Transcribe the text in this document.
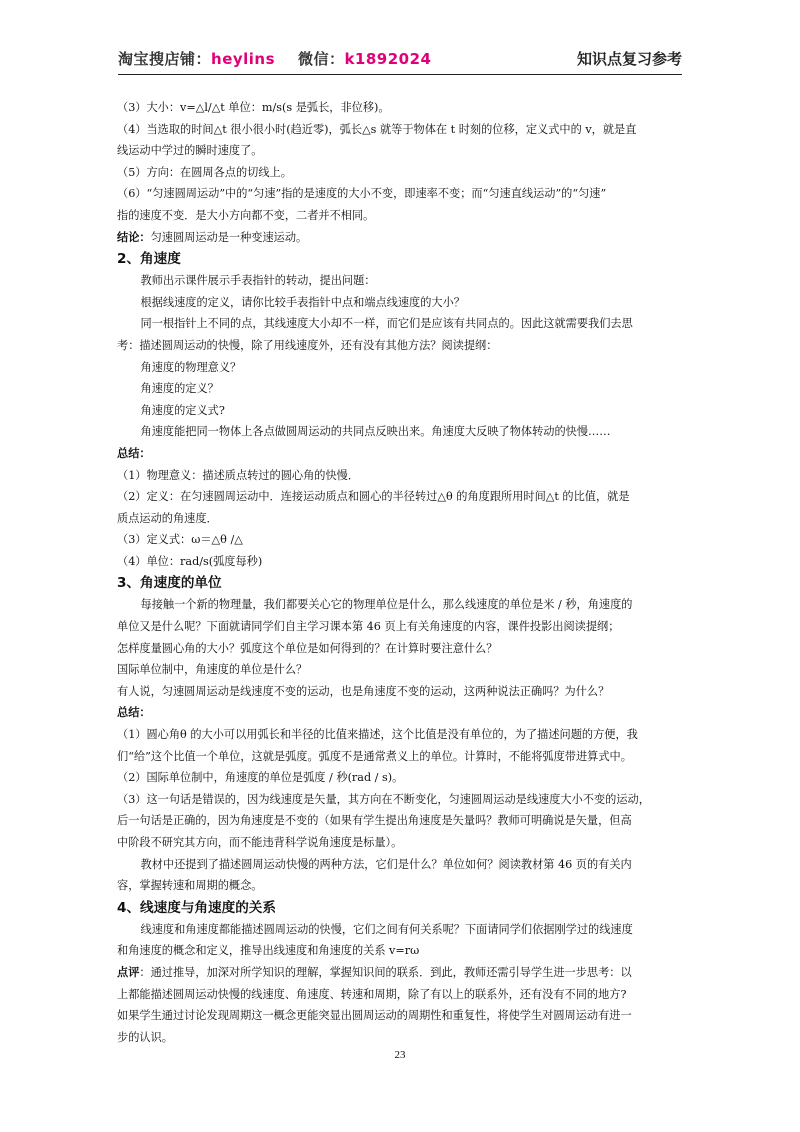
淘宝搜店铺：heylins 微信：k1892024	知识点复习参考

（3）大小：v=△l/△t 单位：m/s(s 是弧长，非位移)。

（4）当选取的时间△t 很小很小时(趋近零)，弧长△s 就等于物体在 t 时刻的位移，定义式中的 v，就是直

线运动中学过的瞬时速度了。

（5）方向：在圆周各点的切线上。

（6）“匀速圆周运动”中的“匀速”指的是速度的大小不变，即速率不变；而“匀速直线运动”的“匀速”

指的速度不变．是大小方向都不变，二者并不相同。

结论：匀速圆周运动是一种变速运动。

2、角速度

教师出示课件展示手表指针的转动，提出问题：

根据线速度的定义，请你比较手表指针中点和端点线速度的大小？

同一根指针上不同的点，其线速度大小却不一样，而它们是应该有共同点的。因此这就需要我们去思

考：描述圆周运动的快慢，除了用线速度外，还有没有其他方法？阅读提纲：

角速度的物理意义？

角速度的定义？

角速度的定义式?

角速度能把同一物体上各点做圆周运动的共同点反映出来。角速度大反映了物体转动的快慢……

总结：

（1）物理意义：描述质点转过的圆心角的快慢．

（2）定义：在匀速圆周运动中．连接运动质点和圆心的半径转过△θ 的角度跟所用时间△t 的比值，就是

质点运动的角速度．

（3）定义式：ω＝△θ /△

（4）单位：rad/s(弧度每秒)

3、角速度的单位

每接触一个新的物理量，我们都要关心它的物理单位是什么，那么线速度的单位是米 / 秒，角速度的

单位又是什么呢？下面就请同学们自主学习课本第 46 页上有关角速度的内容，课件投影出阅读提纲；

怎样度量圆心角的大小？弧度这个单位是如何得到的？在计算时要注意什么？

国际单位制中，角速度的单位是什么？

有人说，匀速圆周运动是线速度不变的运动，也是角速度不变的运动，这两种说法正确吗？为什么？

总结：

（1）圆心角θ 的大小可以用弧长和半径的比值来描述，这个比值是没有单位的，为了描述问题的方便，我

们“给”这个比值一个单位，这就是弧度。弧度不是通常煮义上的单位。计算时，不能将弧度带进算式中。

（2）国际单位制中，角速度的单位是弧度 / 秒(rad / s)。

（3）这一句话是错误的，因为线速度是矢量，其方向在不断变化，匀速圆周运动是线速度大小不变的运动，

后一句话是正确的，因为角速度是不变的（如果有学生提出角速度是矢量吗？教师可明确说是矢量，但高

中阶段不研究其方向，而不能违背科学说角速度是标量）。

教材中还提到了描述圆周运动快慢的两种方法，它们是什么？单位如何？阅读教材第 46 页的有关内

容，掌握转速和周期的概念。

4、线速度与角速度的关系

线速度和角速度都能描述圆周运动的快慢，它们之间有何关系呢？下面请同学们依据刚学过的线速度

和角速度的概念和定义，推导出线速度和角速度的关系 v=rω

点评：通过推导，加深对所学知识的理解，掌握知识间的联系．到此，教师还需引导学生进一步思考：以

上都能描述圆周运动快慢的线速度、角速度、转速和周期，除了有以上的联系外，还有没有不同的地方?

如果学生通过讨论发现周期这一概念更能突显出圆周运动的周期性和重复性，将使学生对圆周运动有进一

步的认识。

23
